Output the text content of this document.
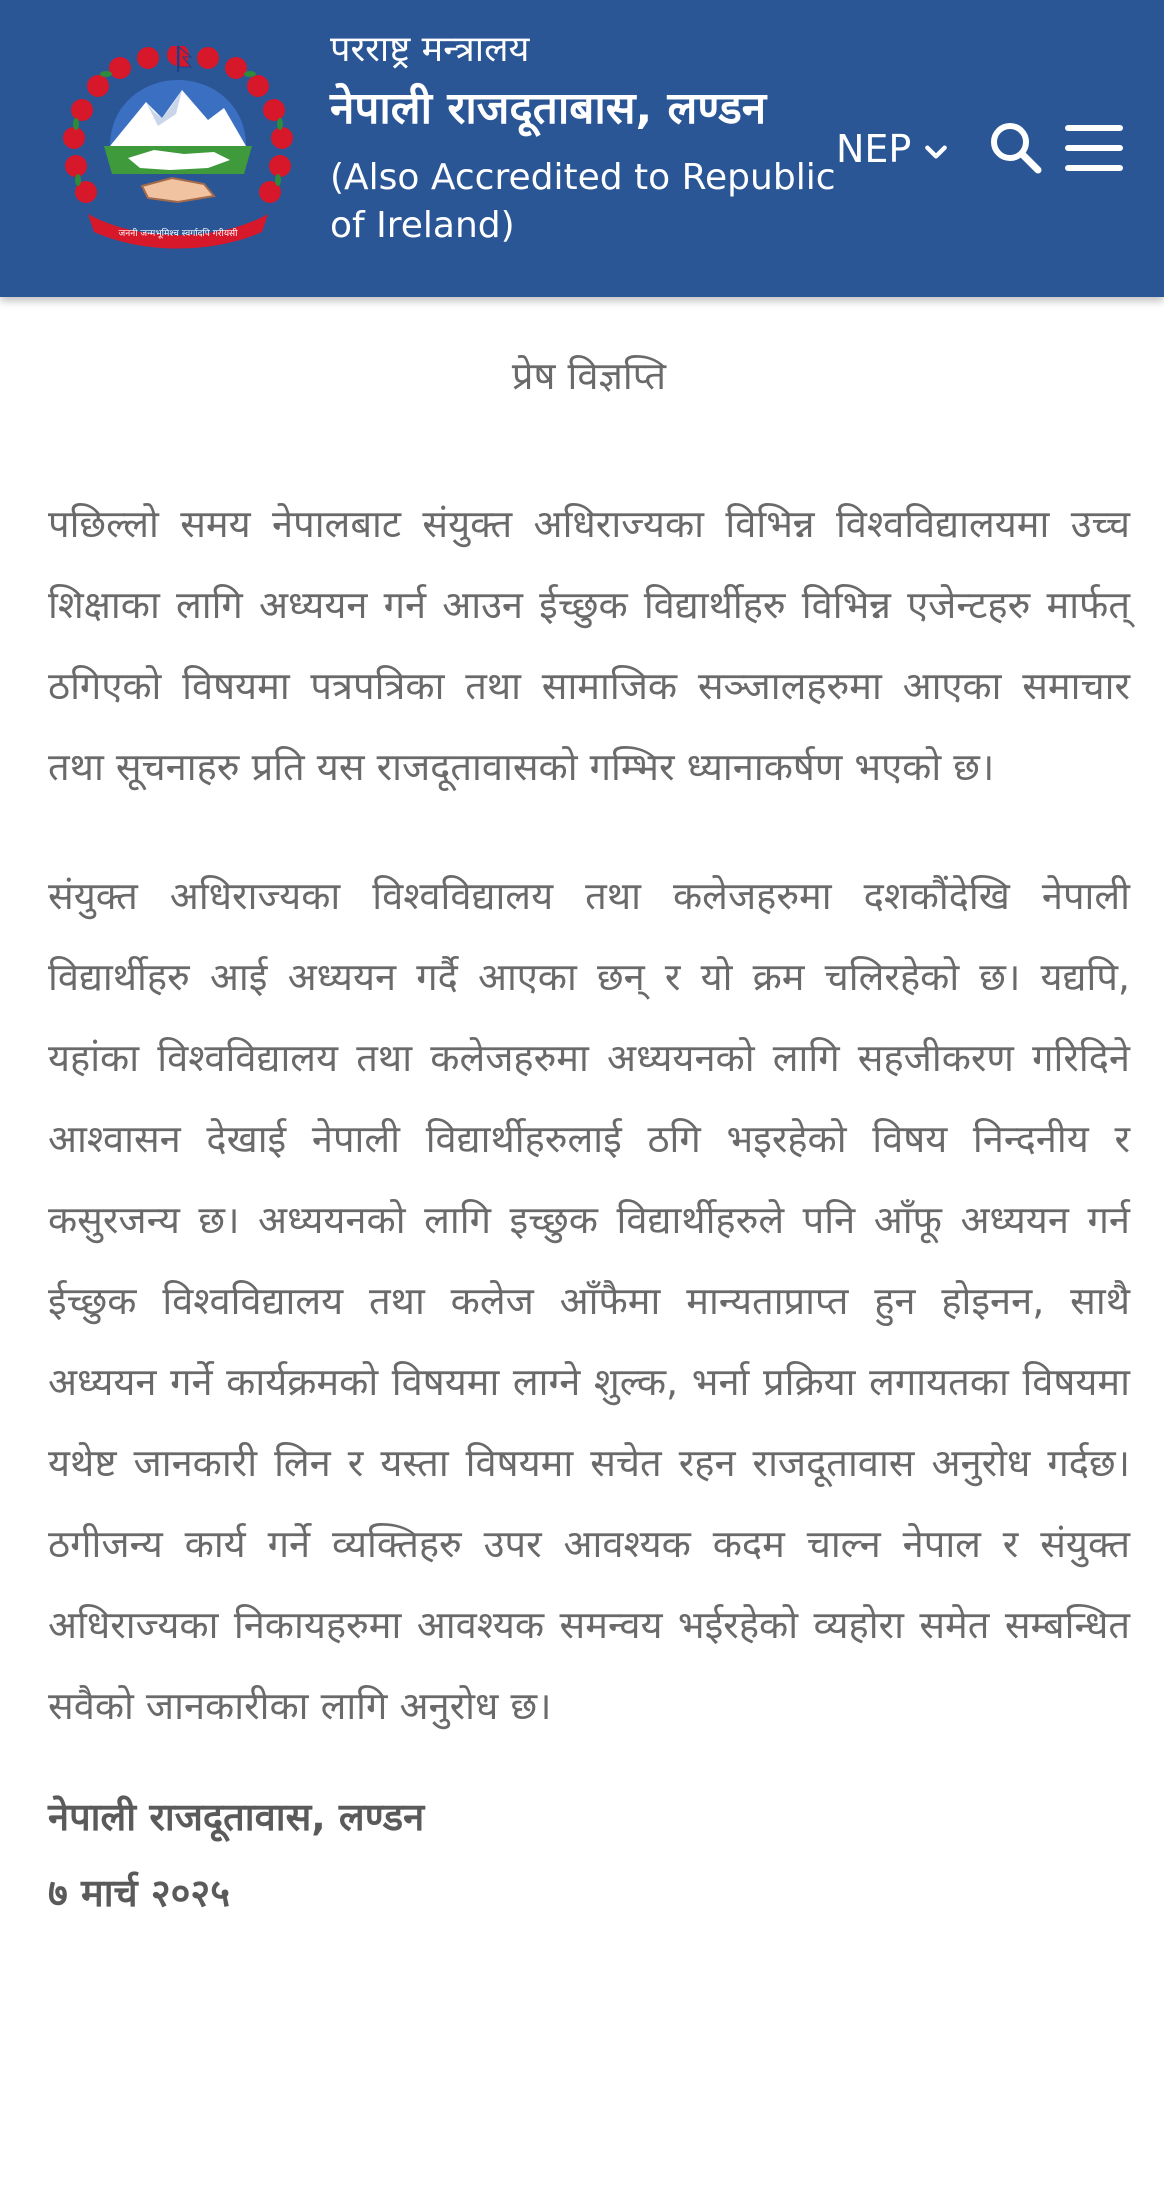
जननी जन्मभूमिश्च स्वर्गादपि गरीयसी
परराष्ट्र मन्त्रालय
नेपाली राजदूताबास, लण्डन
(Also Accredited to Republic of Ireland)
NEP
प्रेष विज्ञप्ति

पछिल्लो समय नेपालबाट संयुक्त अधिराज्यका विभिन्न विश्वविद्यालयमा उच्च शिक्षाका लागि अध्ययन गर्न आउन ईच्छुक विद्यार्थीहरु विभिन्न एजेन्टहरु मार्फत् ठगिएको विषयमा पत्रपत्रिका तथा सामाजिक सञ्जालहरुमा आएका समाचार तथा सूचनाहरु प्रति यस राजदूतावासको गम्भिर ध्यानाकर्षण भएको छ।

संयुक्त अधिराज्यका विश्वविद्यालय तथा कलेजहरुमा दशकौंदेखि नेपाली विद्यार्थीहरु आई अध्ययन गर्दै आएका छन् र यो क्रम चलिरहेको छ। यद्यपि, यहांका विश्वविद्यालय तथा कलेजहरुमा अध्ययनको लागि सहजीकरण गरिदिने आश्वासन देखाई नेपाली विद्यार्थीहरुलाई ठगि भइरहेको विषय निन्दनीय र कसुरजन्य छ। अध्ययनको लागि इच्छुक विद्यार्थीहरुले पनि आँफू अध्ययन गर्न ईच्छुक विश्वविद्यालय तथा कलेज आँफैमा मान्यताप्राप्त हुन होइनन, साथै अध्ययन गर्ने कार्यक्रमको विषयमा लाग्ने शुल्क, भर्ना प्रक्रिया लगायतका विषयमा यथेष्ट जानकारी लिन र यस्ता विषयमा सचेत रहन राजदूतावास अनुरोध गर्दछ। ठगीजन्य कार्य गर्ने व्यक्तिहरु उपर आवश्यक कदम चाल्न नेपाल र संयुक्त अधिराज्यका निकायहरुमा आवश्यक समन्वय भईरहेको व्यहोरा समेत सम्बन्धित सवैको जानकारीका लागि अनुरोध छ।

नेपाली राजदूतावास, लण्डन
७ मार्च २०२५
